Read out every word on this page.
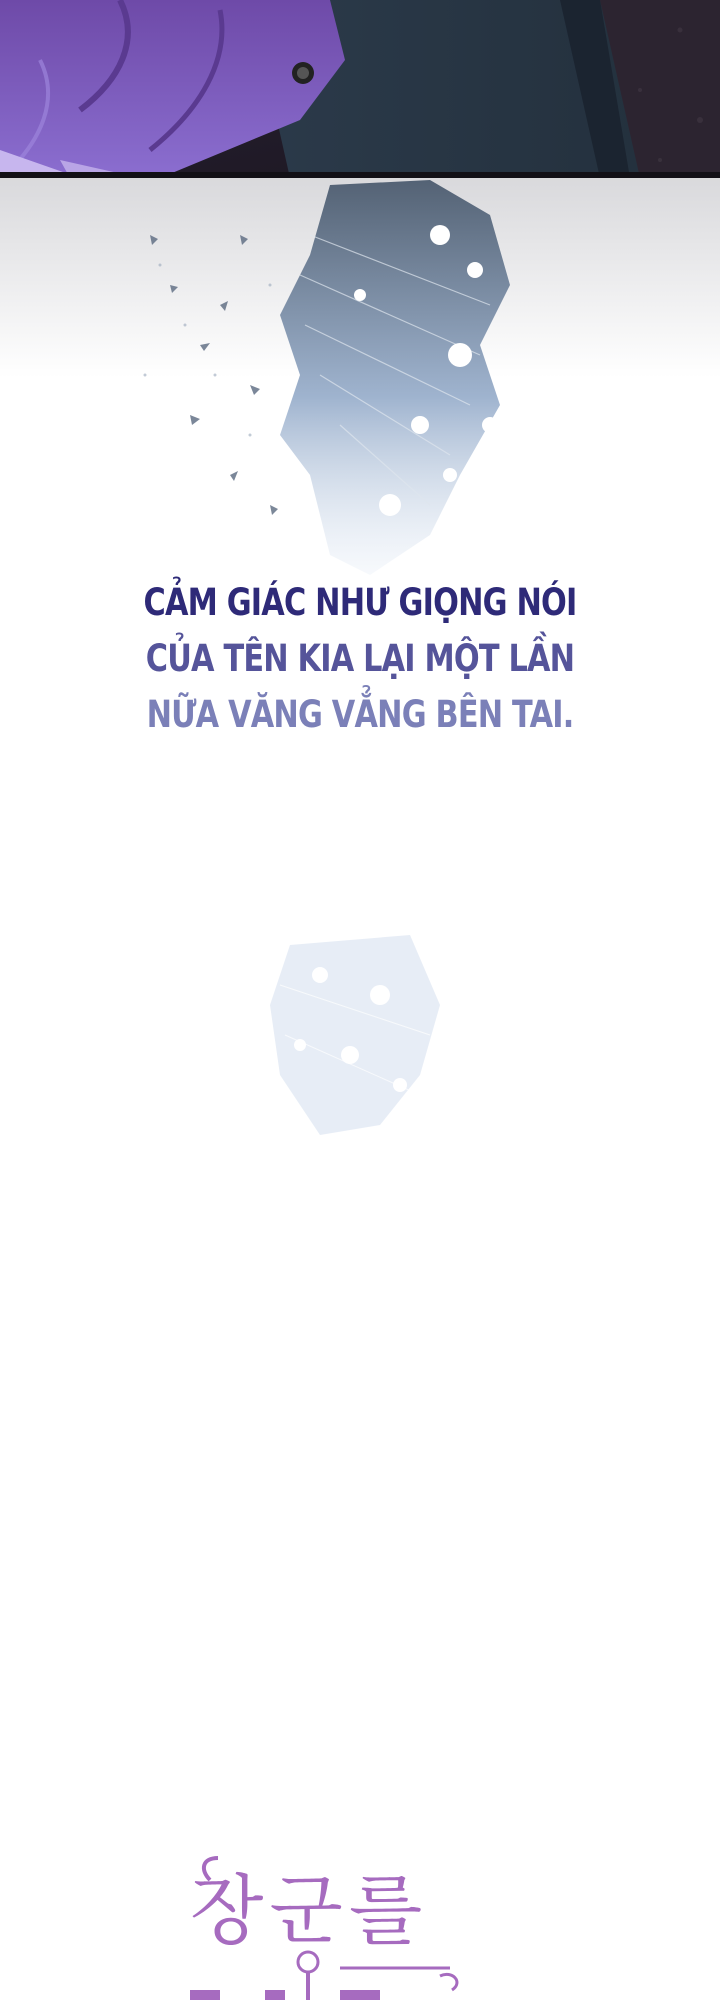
CẢM GIÁC NHƯ GIỌNG NÓI
CỦA TÊN KIA LẠI MỘT LẦN
NỮA VĂNG VẲNG BÊN TAI.
장군를
